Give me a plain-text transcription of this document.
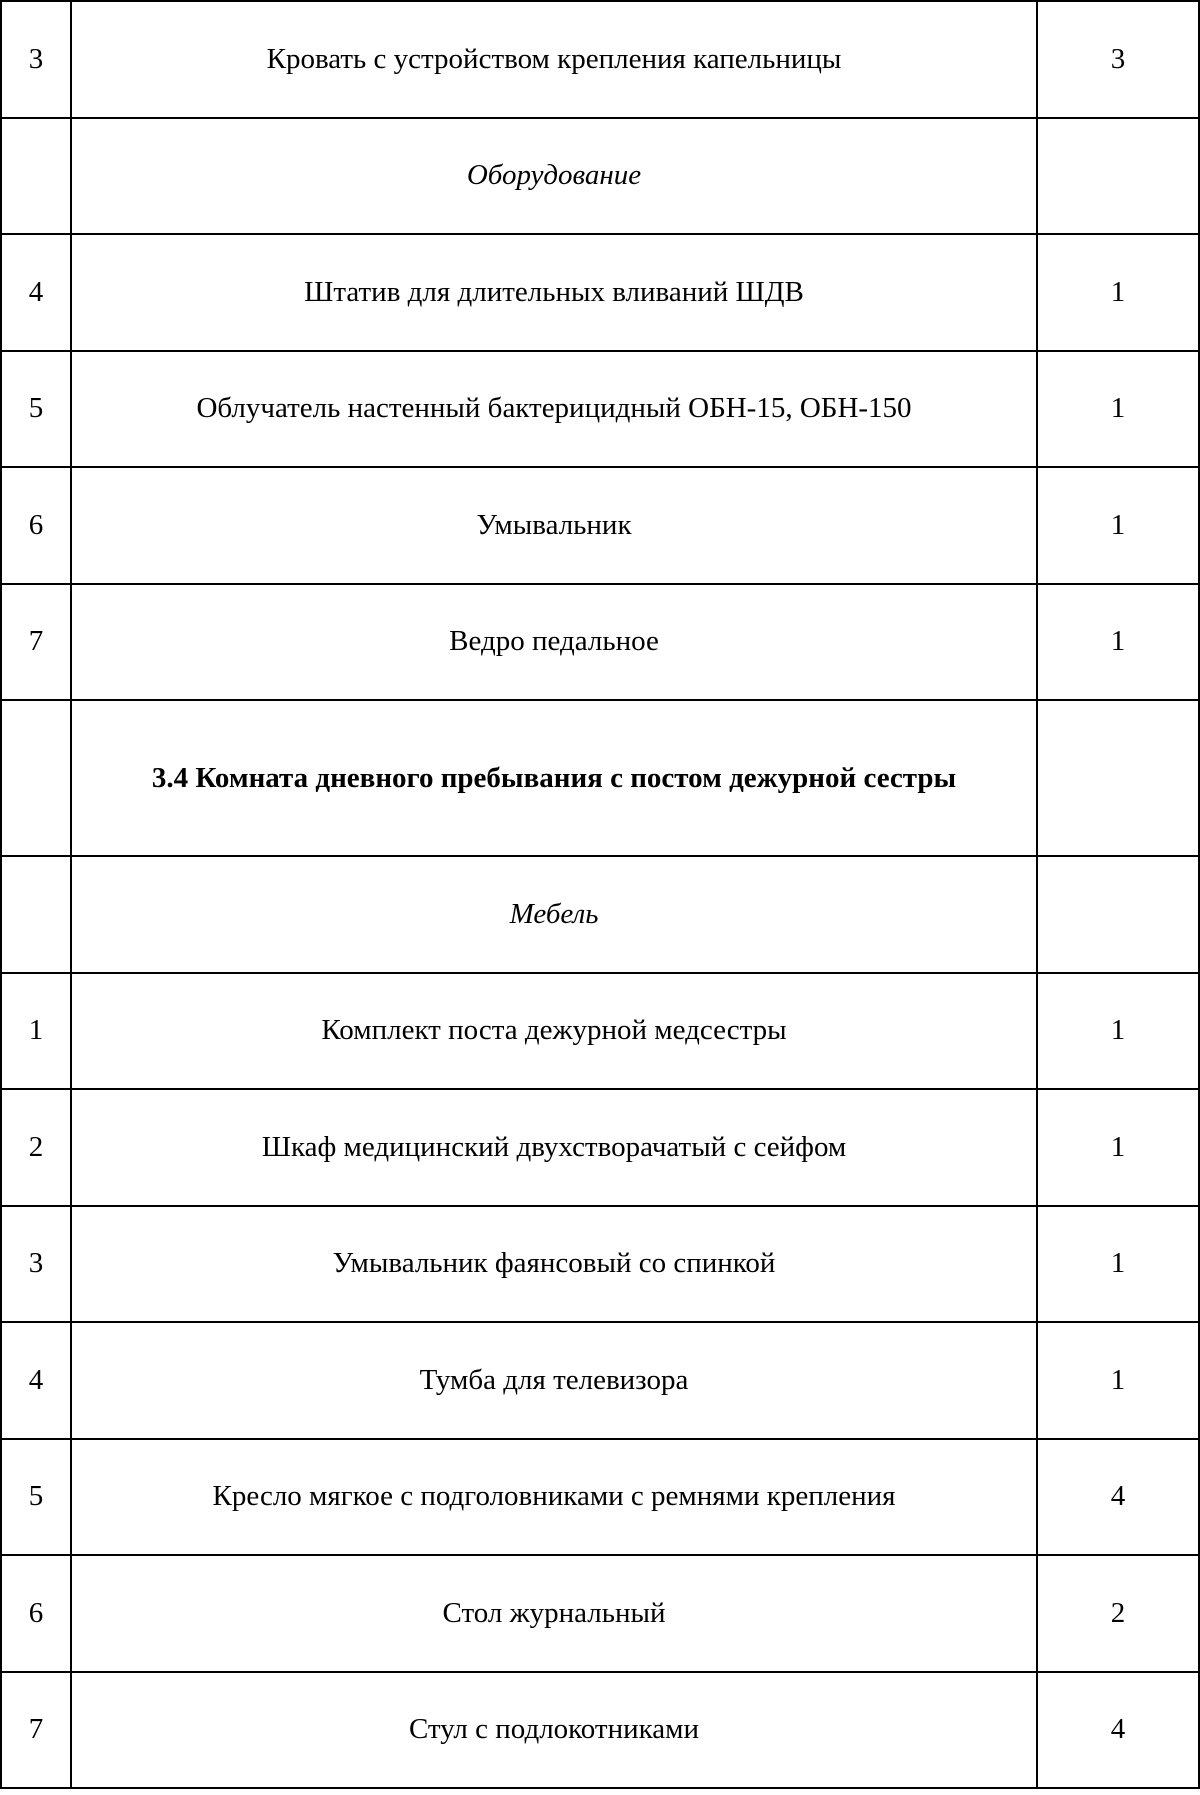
3	Кровать с устройством крепления капельницы	3
	Оборудование	
4	Штатив для длительных вливаний ШДВ	1
5	Облучатель настенный бактерицидный ОБН-15, ОБН-150	1
6	Умывальник	1
7	Ведро педальное	1
	3.4 Комната дневного пребывания с постом дежурной сестры	
	Мебель	
1	Комплект поста дежурной медсестры	1
2	Шкаф медицинский двухстворачатый с сейфом	1
3	Умывальник фаянсовый со спинкой	1
4	Тумба для телевизора	1
5	Кресло мягкое с подголовниками с ремнями крепления	4
6	Стол журнальный	2
7	Стул с подлокотниками	4
